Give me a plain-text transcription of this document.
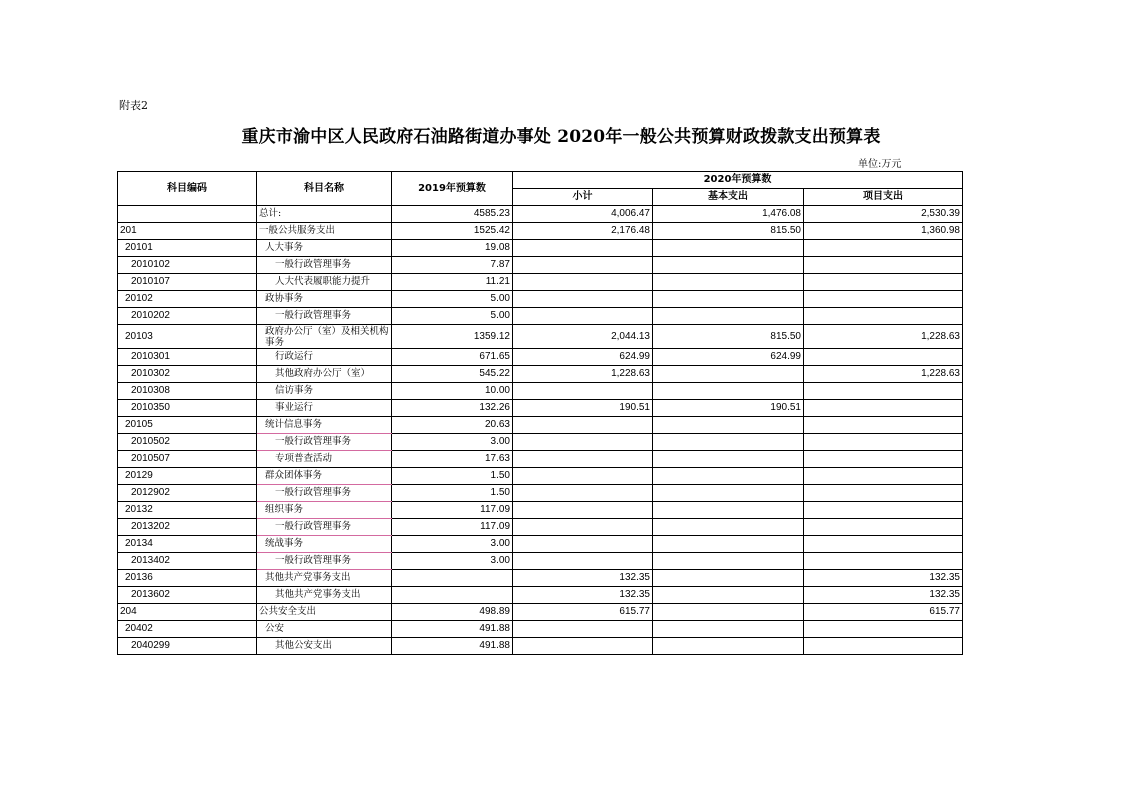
附表2
重庆市渝中区人民政府石油路街道办事处 2020年一般公共预算财政拨款支出预算表
单位:万元
科目编码	科目名称	2019年预算数	2020年预算数		
			小计	基本支出	项目支出
	总计:	4585.23	4,006.47	1,476.08	2,530.39
201	一般公共服务支出	1525.42	2,176.48	815.50	1,360.98
20101	人大事务	19.08			
2010102	一般行政管理事务	7.87			
2010107	人大代表履职能力提升	11.21			
20102	政协事务	5.00			
2010202	一般行政管理事务	5.00			
20103	政府办公厅（室）及相关机构事务	1359.12	2,044.13	815.50	1,228.63
2010301	行政运行	671.65	624.99	624.99	
2010302	其他政府办公厅（室）	545.22	1,228.63		1,228.63
2010308	信访事务	10.00			
2010350	事业运行	132.26	190.51	190.51	
20105	统计信息事务	20.63			
2010502	一般行政管理事务	3.00			
2010507	专项普查活动	17.63			
20129	群众团体事务	1.50			
2012902	一般行政管理事务	1.50			
20132	组织事务	117.09			
2013202	一般行政管理事务	117.09			
20134	统战事务	3.00			
2013402	一般行政管理事务	3.00			
20136	其他共产党事务支出		132.35		132.35
2013602	其他共产党事务支出		132.35		132.35
204	公共安全支出	498.89	615.77		615.77
20402	公安	491.88			
2040299	其他公安支出	491.88			
